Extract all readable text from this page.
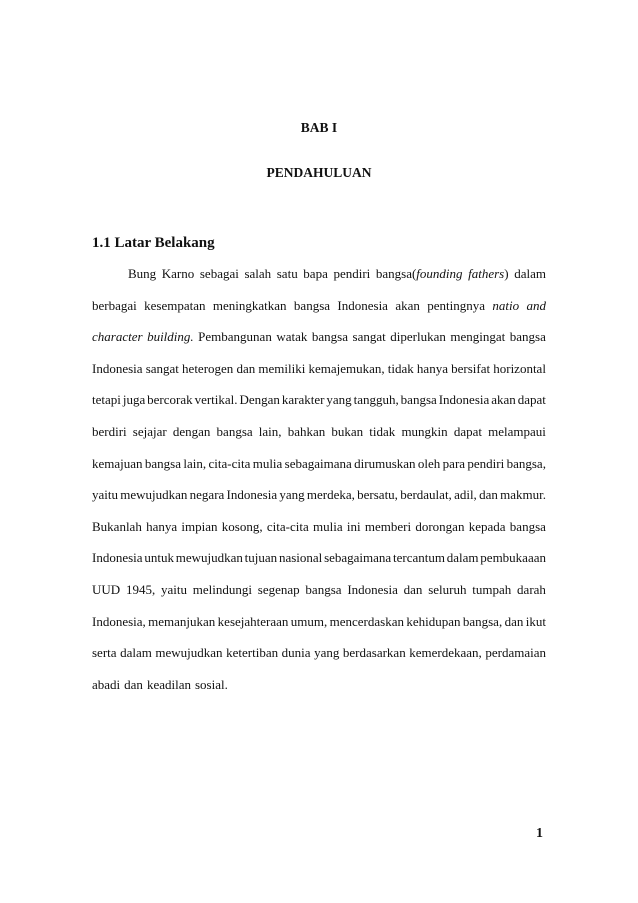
BAB I
PENDAHULUAN
1.1 Latar Belakang
Bung Karno sebagai salah satu bapa pendiri bangsa(founding fathers) dalam
berbagai kesempatan meningkatkan bangsa Indonesia akan pentingnya natio and
character building. Pembangunan watak bangsa sangat diperlukan mengingat bangsa
Indonesia sangat heterogen dan memiliki kemajemukan, tidak hanya bersifat horizontal
tetapi juga bercorak vertikal. Dengan karakter yang tangguh, bangsa Indonesia akan dapat
berdiri sejajar dengan bangsa lain, bahkan bukan tidak mungkin dapat melampaui
kemajuan bangsa lain, cita-cita mulia sebagaimana dirumuskan oleh para pendiri bangsa,
yaitu mewujudkan negara Indonesia yang merdeka, bersatu, berdaulat, adil, dan makmur.
Bukanlah hanya impian kosong, cita-cita mulia ini memberi dorongan kepada bangsa
Indonesia untuk mewujudkan tujuan nasional sebagaimana tercantum dalam pembukaaan
UUD 1945, yaitu melindungi segenap bangsa Indonesia dan seluruh tumpah darah
Indonesia, memanjukan kesejahteraan umum, mencerdaskan kehidupan bangsa, dan ikut
serta dalam mewujudkan ketertiban dunia yang berdasarkan kemerdekaan, perdamaian
abadi dan keadilan sosial.
1
